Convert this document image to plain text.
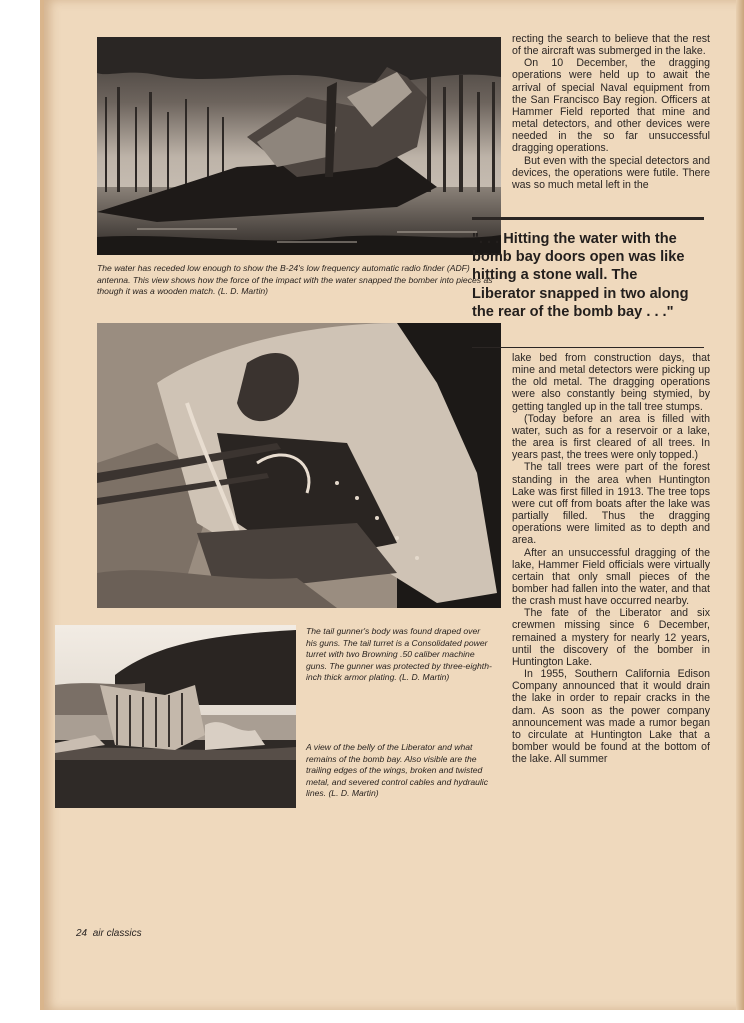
The water has receded low enough to show the B-24's low frequency automatic radio finder (ADF) antenna. This view shows how the force of the impact with the water snapped the bomber into pieces as though it was a wooden match. (L. D. Martin)
The tail gunner's body was found draped over his guns. The tail turret is a Consolidated power turret with two Browning .50 caliber machine guns. The gunner was protected by three-eighth-inch thick armor plating. (L. D. Martin)
A view of the belly of the Liberator and what remains of the bomb bay. Also visible are the trailing edges of the wings, broken and twisted metal, and severed control cables and hydraulic lines. (L. D. Martin)

recting the search to believe that the rest of the aircraft was submerged in the lake.

On 10 December, the dragging operations were held up to await the arrival of special Naval equipment from the San Francisco Bay region. Officers at Hammer Field reported that mine and metal detectors, and other devices were needed in the so far unsuccessful dragging operations.

But even with the special detectors and devices, the operations were futile. There was so much metal left in the

". . . Hitting the water with the bomb bay doors open was like hitting a stone wall. The Liberator snapped in two along the rear of the bomb bay . . ."

lake bed from construction days, that mine and metal detectors were picking up the old metal. The dragging operations were also constantly being stymied, by getting tangled up in the tall tree stumps.

(Today before an area is filled with water, such as for a reservoir or a lake, the area is first cleared of all trees. In years past, the trees were only topped.)

The tall trees were part of the forest standing in the area when Huntington Lake was first filled in 1913. The tree tops were cut off from boats after the lake was partially filled. Thus the dragging operations were limited as to depth and area.

After an unsuccessful dragging of the lake, Hammer Field officials were virtually certain that only small pieces of the bomber had fallen into the water, and that the crash must have occurred nearby.

The fate of the Liberator and six crewmen missing since 6 December, remained a mystery for nearly 12 years, until the discovery of the bomber in Huntington Lake.

In 1955, Southern California Edison Company announced that it would drain the lake in order to repair cracks in the dam. As soon as the power company announcement was made a rumor began to circulate at Huntington Lake that a bomber would be found at the bottom of the lake. All summer

24 air classics
